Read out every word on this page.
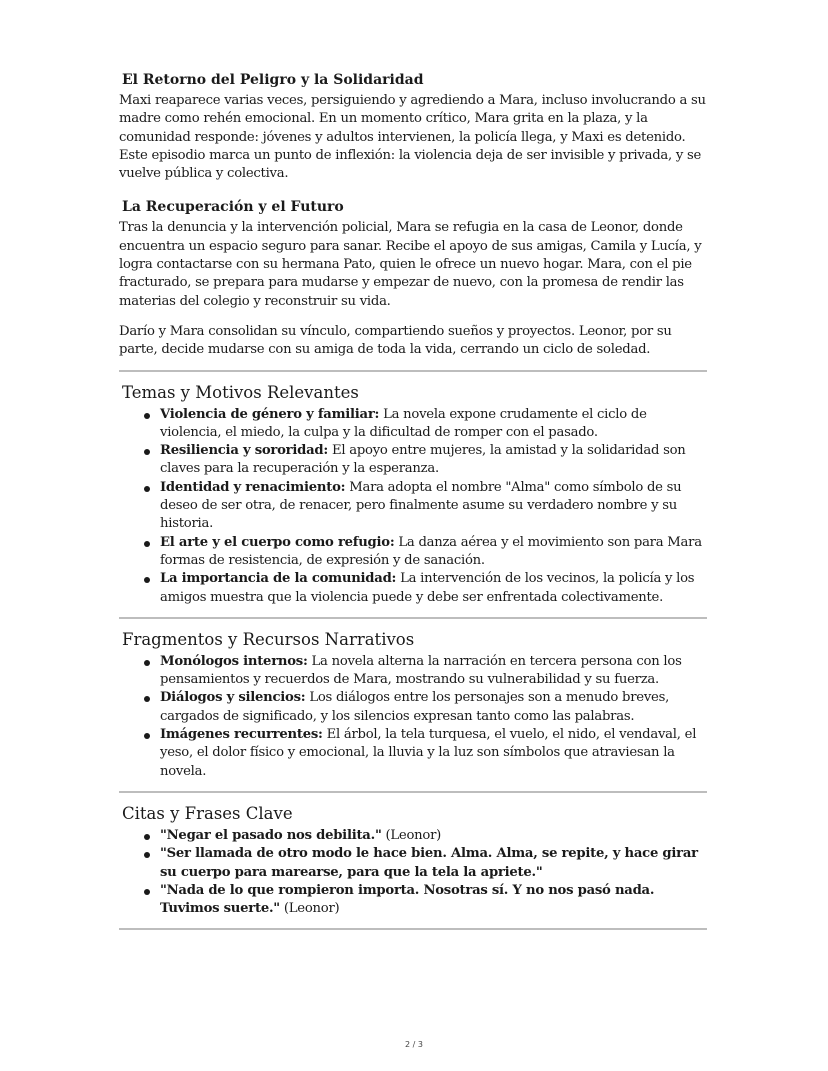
El Retorno del Peligro y la Solidaridad

Maxi reaparece varias veces, persiguiendo y agrediendo a Mara, incluso involucrando a su madre como rehén emocional. En un momento crítico, Mara grita en la plaza, y la comunidad responde: jóvenes y adultos intervienen, la policía llega, y Maxi es detenido. Este episodio marca un punto de inflexión: la violencia deja de ser invisible y privada, y se vuelve pública y colectiva.

La Recuperación y el Futuro

Tras la denuncia y la intervención policial, Mara se refugia en la casa de Leonor, donde encuentra un espacio seguro para sanar. Recibe el apoyo de sus amigas, Camila y Lucía, y logra contactarse con su hermana Pato, quien le ofrece un nuevo hogar. Mara, con el pie fracturado, se prepara para mudarse y empezar de nuevo, con la promesa de rendir las materias del colegio y reconstruir su vida.

Darío y Mara consolidan su vínculo, compartiendo sueños y proyectos. Leonor, por su parte, decide mudarse con su amiga de toda la vida, cerrando un ciclo de soledad.

Temas y Motivos Relevantes
Violencia de género y familiar: La novela expone crudamente el ciclo de violencia, el miedo, la culpa y la dificultad de romper con el pasado.
Resiliencia y sororidad: El apoyo entre mujeres, la amistad y la solidaridad son claves para la recuperación y la esperanza.
Identidad y renacimiento: Mara adopta el nombre "Alma" como símbolo de su deseo de ser otra, de renacer, pero finalmente asume su verdadero nombre y su historia.
El arte y el cuerpo como refugio: La danza aérea y el movimiento son para Mara formas de resistencia, de expresión y de sanación.
La importancia de la comunidad: La intervención de los vecinos, la policía y los amigos muestra que la violencia puede y debe ser enfrentada colectivamente.
Fragmentos y Recursos Narrativos
Monólogos internos: La novela alterna la narración en tercera persona con los pensamientos y recuerdos de Mara, mostrando su vulnerabilidad y su fuerza.
Diálogos y silencios: Los diálogos entre los personajes son a menudo breves, cargados de significado, y los silencios expresan tanto como las palabras.
Imágenes recurrentes: El árbol, la tela turquesa, el vuelo, el nido, el vendaval, el yeso, el dolor físico y emocional, la lluvia y la luz son símbolos que atraviesan la novela.
Citas y Frases Clave
"Negar el pasado nos debilita." (Leonor)
"Ser llamada de otro modo le hace bien. Alma. Alma, se repite, y hace girar su cuerpo para marearse, para que la tela la apriete."
"Nada de lo que rompieron importa. Nosotras sí. Y no nos pasó nada. Tuvimos suerte." (Leonor)
2 / 3
